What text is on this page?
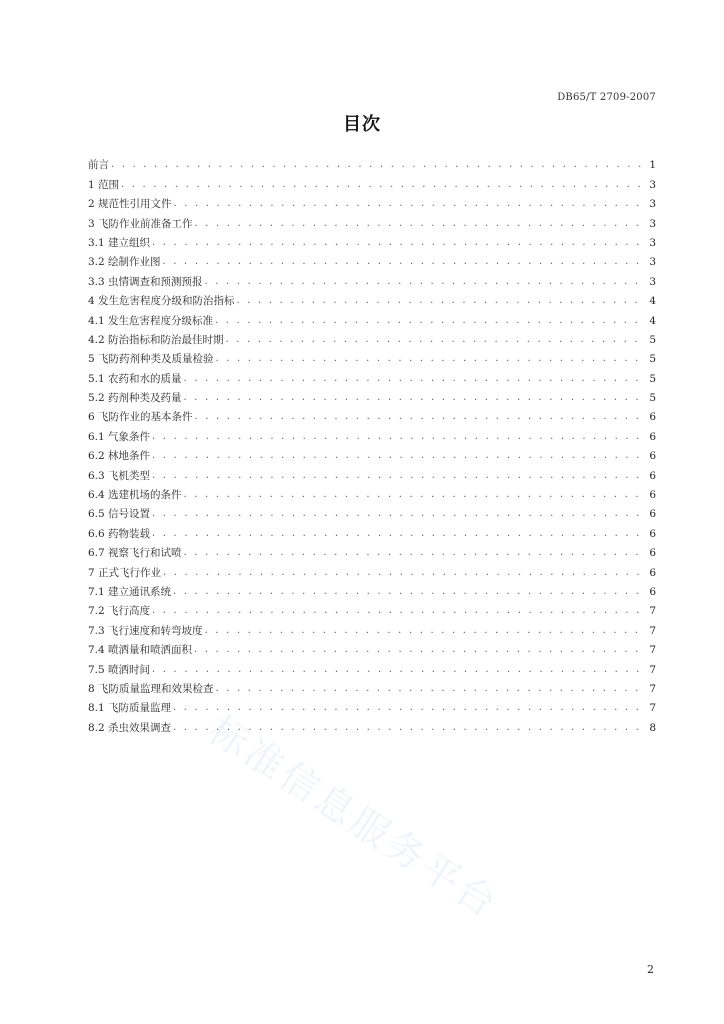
DB65/T 2709-2007
目次
前言 . . .	1
1 范围 . . .	3
2 规范性引用文件 . . .	3
3 飞防作业前准备工作 . . .	3
3.1 建立组织 . . .	3
3.2 绘制作业图 . . .	3
3.3 虫情调查和预测预报 . . .	3
4 发生危害程度分级和防治指标 . . .	4
4.1 发生危害程度分级标准 . . .	4
4.2 防治指标和防治最佳时期 . . .	5
5 飞防药剂种类及质量检验 . . .	5
5.1 农药和水的质量 . . .	5
5.2 药剂种类及药量 . . .	5
6 飞防作业的基本条件 . . .	6
6.1 气象条件 . . .	6
6.2 林地条件 . . .	6
6.3 飞机类型 . . .	6
6.4 选建机场的条件 . . .	6
6.5 信号设置 . . .	6
6.6 药物装载 . . .	6
6.7 视察飞行和试喷 . . .	6
7 正式飞行作业 . . .	6
7.1 建立通讯系统 . . .	6
7.2 飞行高度 . . .	7
7.3 飞行速度和转弯坡度 . . .	7
7.4 喷洒量和喷洒面积 . . .	7
7.5 喷洒时间 . . .	7
8 飞防质量监理和效果检查 . . .	7
8.1 飞防质量监理 . . .	7
8.2 杀虫效果调查 . . .	8
标准信息服务平台
2
